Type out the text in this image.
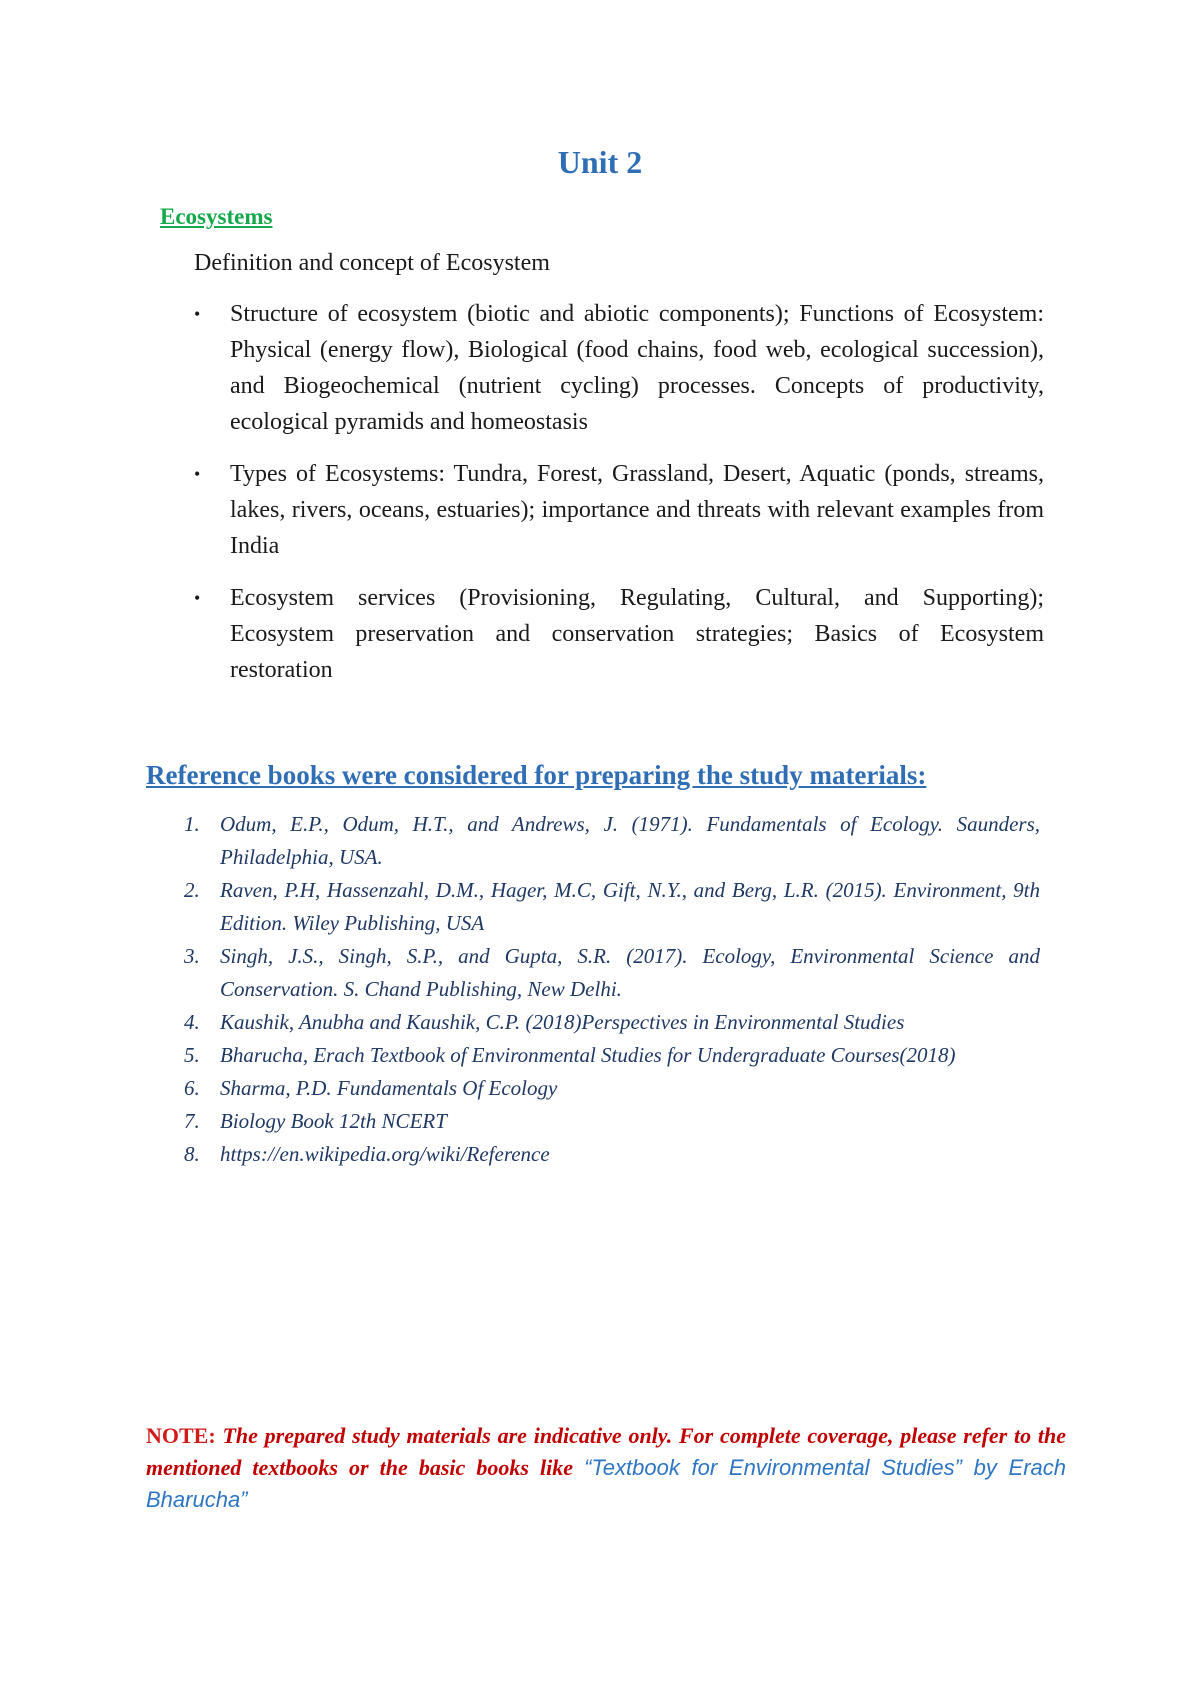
Unit 2
Ecosystems
Definition and concept of Ecosystem
• Structure of ecosystem (biotic and abiotic components); Functions of Ecosystem: Physical (energy flow), Biological (food chains, food web, ecological succession), and Biogeochemical (nutrient cycling) processes. Concepts of productivity, ecological pyramids and homeostasis
• Types of Ecosystems: Tundra, Forest, Grassland, Desert, Aquatic (ponds, streams, lakes, rivers, oceans, estuaries); importance and threats with relevant examples from India
• Ecosystem services (Provisioning, Regulating, Cultural, and Supporting); Ecosystem preservation and conservation strategies; Basics of Ecosystem restoration
Reference books were considered for preparing the study materials:
1. Odum, E.P., Odum, H.T., and Andrews, J. (1971). Fundamentals of Ecology. Saunders, Philadelphia, USA.
2. Raven, P.H, Hassenzahl, D.M., Hager, M.C, Gift, N.Y., and Berg, L.R. (2015). Environment, 9th Edition. Wiley Publishing, USA
3. Singh, J.S., Singh, S.P., and Gupta, S.R. (2017). Ecology, Environmental Science and Conservation. S. Chand Publishing, New Delhi.
4. Kaushik, Anubha and Kaushik, C.P. (2018)Perspectives in Environmental Studies
5. Bharucha, Erach Textbook of Environmental Studies for Undergraduate Courses(2018)
6. Sharma, P.D. Fundamentals Of Ecology
7. Biology Book 12th NCERT
8. https://en.wikipedia.org/wiki/Reference
NOTE: The prepared study materials are indicative only. For complete coverage, please refer to the mentioned textbooks or the basic books like “Textbook for Environmental Studies” by Erach Bharucha”
